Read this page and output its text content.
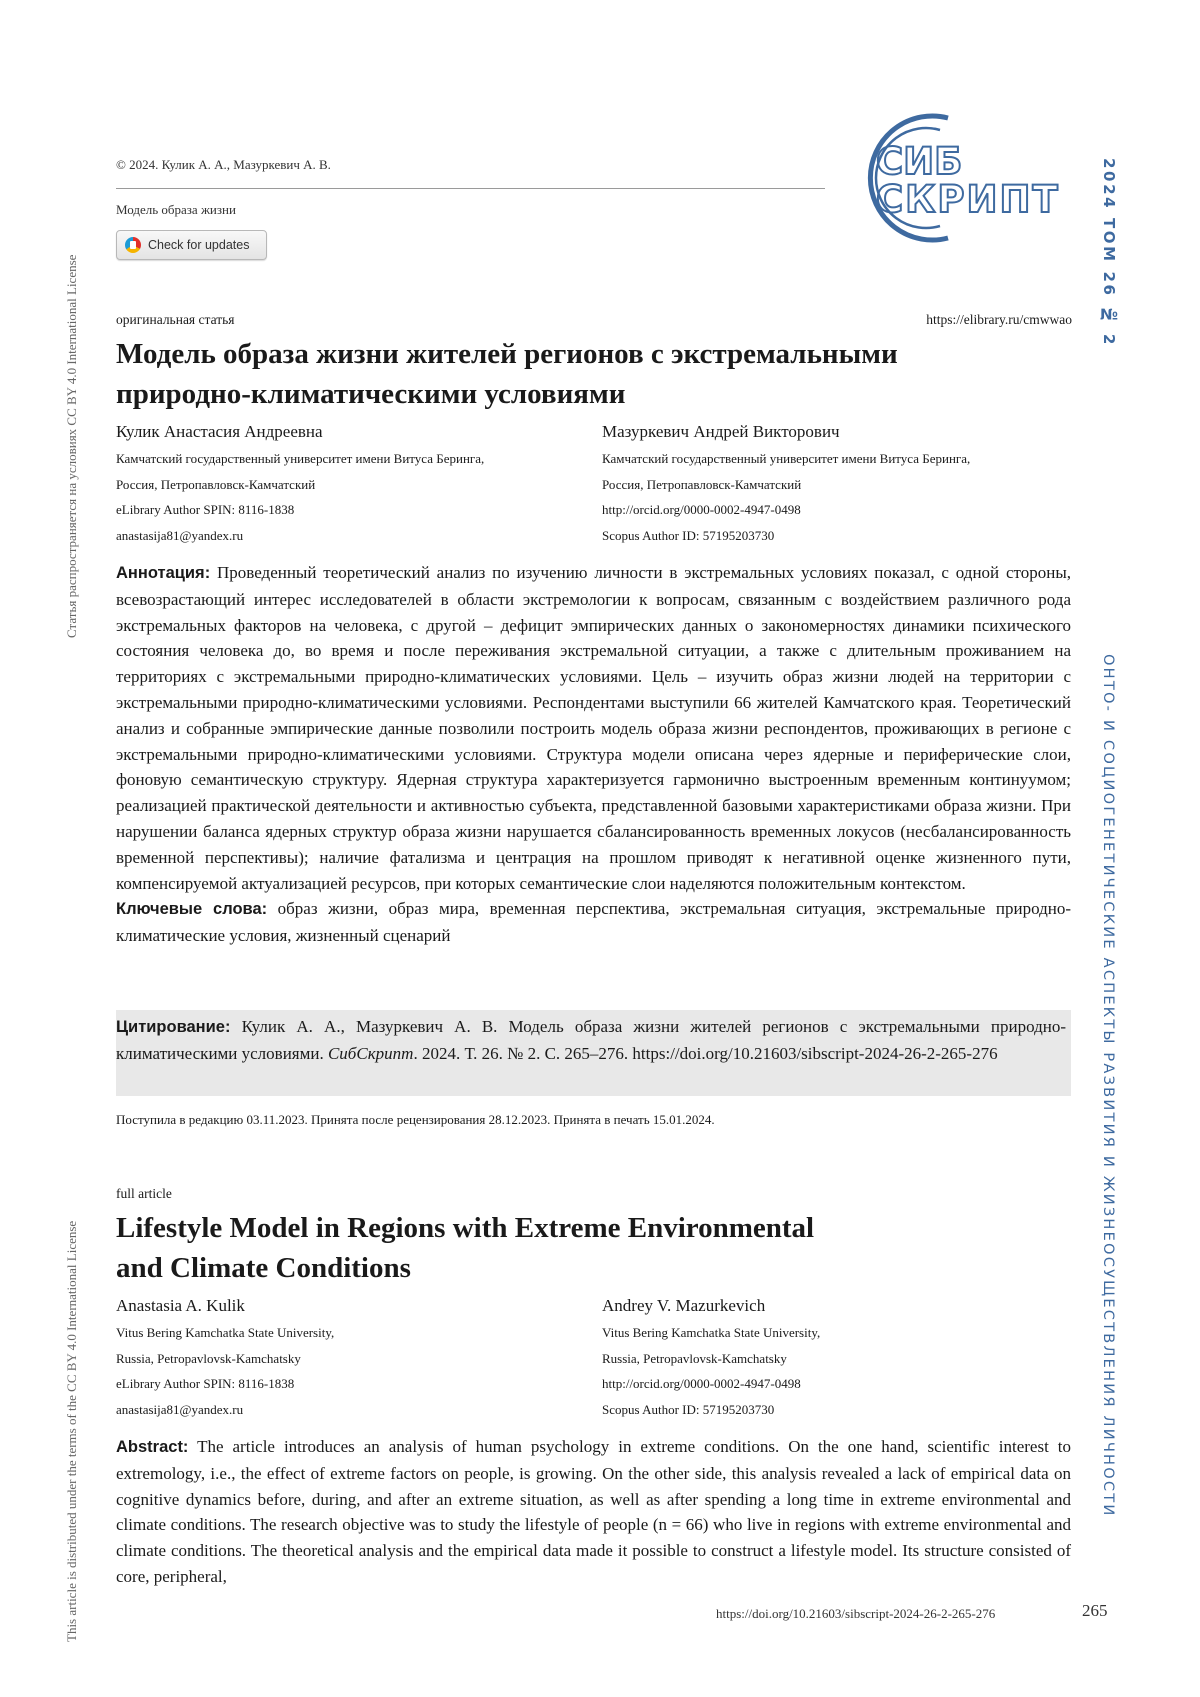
Статья распространяется на условиях CC BY 4.0 International License
This article is distributed under the terms of the CC BY 4.0 International License
2024 ТОМ 26 № 2
ОНТО- И СОЦИОГЕНЕТИЧЕСКИЕ АСПЕКТЫ РАЗВИТИЯ И ЖИЗНЕОСУЩЕСТВЛЕНИЯ ЛИЧНОСТИ
© 2024. Кулик А. А., Мазуркевич А. В.
Модель образа жизни
Check for updates
СИБ
СКРИПТ
оригинальная статья	https://elibrary.ru/cmwwao
Модель образа жизни жителей регионов с экстремальными
природно-климатическими условиями
Кулик Анастасия Андреевна
Камчатский государственный университет имени Витуса Беринга,
Россия, Петропавловск-Камчатский
eLibrary Author SPIN: 8116-1838
anastasija81@yandex.ru
Мазуркевич Андрей Викторович
Камчатский государственный университет имени Витуса Беринга,
Россия, Петропавловск-Камчатский
http://orcid.org/0000-0002-4947-0498
Scopus Author ID: 57195203730

Аннотация: Проведенный теоретический анализ по изучению личности в экстремальных условиях показал, с одной стороны, всевозрастающий интерес исследователей в области экстремологии к вопросам, связанным с воздействием различного рода экстремальных факторов на человека, с другой – дефицит эмпирических данных о закономерностях динамики психического состояния человека до, во время и после переживания экстремальной ситуации, а также с длительным проживанием на территориях с экстремальными природно-климатических условиями. Цель – изучить образ жизни людей на территории с экстремальными природно-климатическими условиями. Респондентами выступили 66 жителей Камчатского края. Теоретический анализ и собранные эмпирические данные позволили построить модель образа жизни респондентов, проживающих в регионе с экстремальными природно-климатическими условиями. Структура модели описана через ядерные и периферические слои, фоновую семантическую структуру. Ядерная структура характеризуется гармонично выстроенным временным континуумом; реализацией практической деятельности и активностью субъекта, представленной базовыми характеристиками образа жизни. При нарушении баланса ядерных структур образа жизни нарушается сбалансированность временных локусов (несбалансированность временной перспективы); наличие фатализма и центрация на прошлом приводят к негативной оценке жизненного пути, компенсируемой актуализацией ресурсов, при которых семантические слои наделяются положительным контекстом.
Ключевые слова: образ жизни, образ мира, временная перспектива, экстремальная ситуация, экстремальные природно-климатические условия, жизненный сценарий

Цитирование: Кулик А. А., Мазуркевич А. В. Модель образа жизни жителей регионов с экстремальными природно-климатическими условиями. СибСкрипт. 2024. Т. 26. № 2. С. 265–276. https://doi.org/10.21603/sibscript-2024-26-2-265-276

Поступила в редакцию 03.11.2023. Принята после рецензирования 28.12.2023. Принята в печать 15.01.2024.
full article
Lifestyle Model in Regions with Extreme Environmental
and Climate Conditions
Anastasia A. Kulik
Vitus Bering Kamchatka State University,
Russia, Petropavlovsk-Kamchatsky
eLibrary Author SPIN: 8116-1838
anastasija81@yandex.ru
Andrey V. Mazurkevich
Vitus Bering Kamchatka State University,
Russia, Petropavlovsk-Kamchatsky
http://orcid.org/0000-0002-4947-0498
Scopus Author ID: 57195203730

Abstract: The article introduces an analysis of human psychology in extreme conditions. On the one hand, scientific interest to extremology, i.e., the effect of extreme factors on people, is growing. On the other side, this analysis revealed a lack of empirical data on cognitive dynamics before, during, and after an extreme situation, as well as after spending a long time in extreme environmental and climate conditions. The research objective was to study the lifestyle of people (n = 66) who live in regions with extreme environmental and climate conditions. The theoretical analysis and the empirical data made it possible to construct a lifestyle model. Its structure consisted of core, peripheral,

https://doi.org/10.21603/sibscript-2024-26-2-265-276	265
